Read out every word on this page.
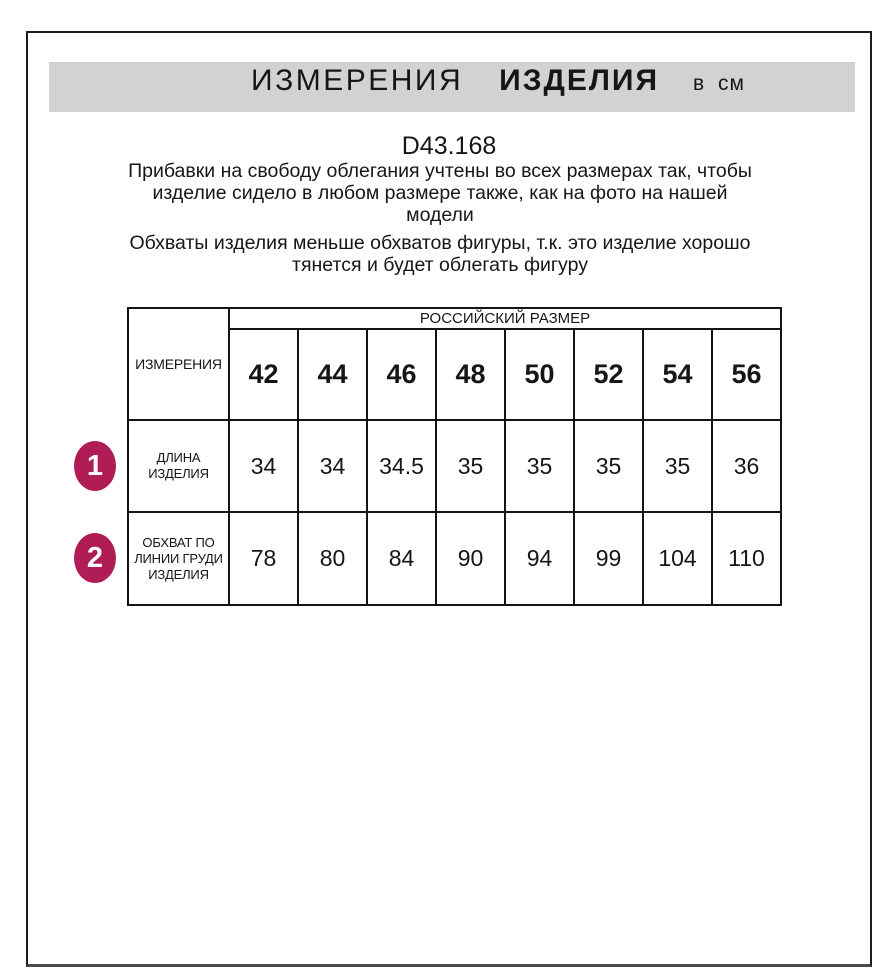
ИЗМЕРЕНИЯ ИЗДЕЛИЯ в см
D43.168

Прибавки на свободу облегания учтены во всех размерах так, чтобы
изделие сидело в любом размере также, как на фото на нашей
модели

Обхваты изделия меньше обхватов фигуры, т.к. это изделие хорошо
тянется и будет облегать фигуру

ИЗМЕРЕНИЯ	РОССИЙСКИЙ РАЗМЕР							
	42	44	46	48	50	52	54	56

ДЛИНА
ИЗДЕЛИЯ	34	34	34.5	35	35	35	35	36

ОБХВАТ ПО
ЛИНИИ ГРУДИ
ИЗДЕЛИЯ	78	80	84	90	94	99	104	110
1
2
